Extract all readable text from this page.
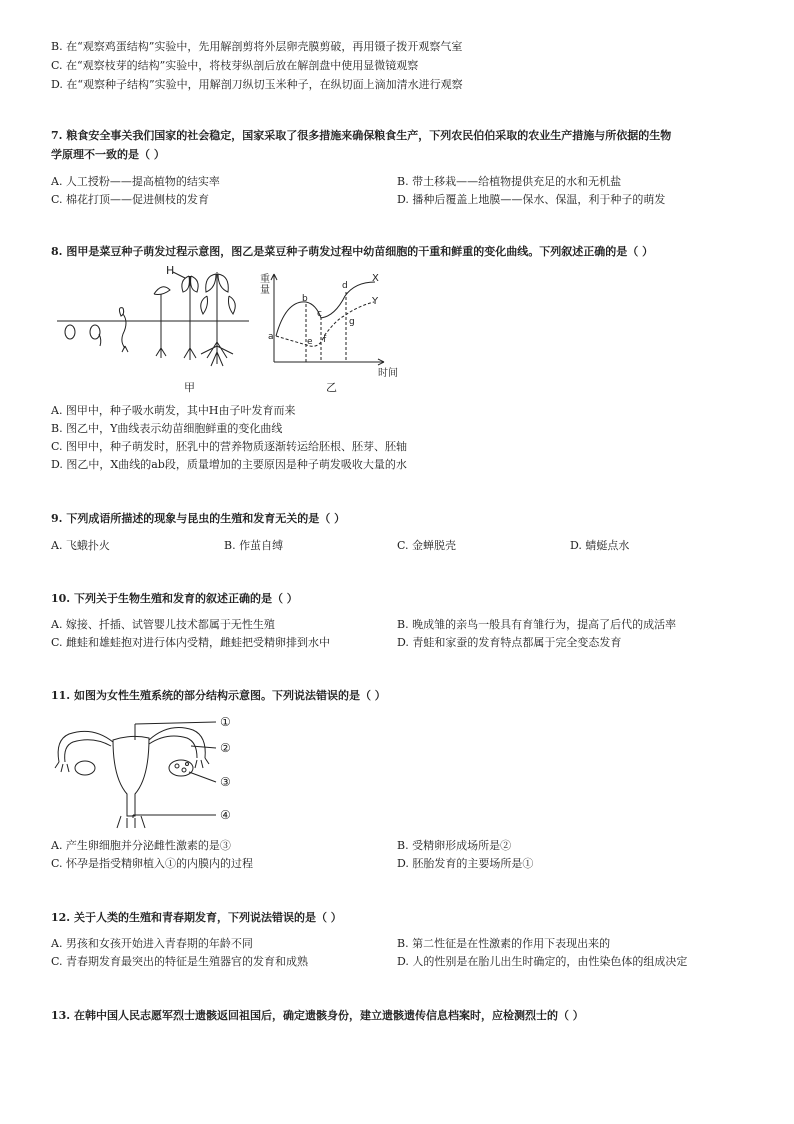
B. 在“观察鸡蛋结构”实验中，先用解剖剪将外层卵壳膜剪破，再用镊子拨开观察气室
C. 在“观察枝芽的结构”实验中，将枝芽纵剖后放在解剖盘中使用显微镜观察
D. 在“观察种子结构”实验中，用解剖刀纵切玉米种子，在纵切面上滴加清水进行观察
7. 粮食安全事关我们国家的社会稳定，国家采取了很多措施来确保粮食生产，下列农民伯伯采取的农业生产措施与所依据的生物
学原理不一致的是（ ）
A. 人工授粉——提高植物的结实率	B. 带土移栽——给植物提供充足的水和无机盐
C. 棉花打顶——促进侧枝的发育	D. 播种后覆盖上地膜——保水、保温，利于种子的萌发
8. 图甲是菜豆种子萌发过程示意图，图乙是菜豆种子萌发过程中幼苗细胞的干重和鲜重的变化曲线。下列叙述正确的是（ ）
H
甲
重
量
时间
a
b
c
d
e f
g
X
Y
乙
A. 图甲中，种子吸水萌发，其中H由子叶发育而来
B. 图乙中，Y曲线表示幼苗细胞鲜重的变化曲线
C. 图甲中，种子萌发时，胚乳中的营养物质逐渐转运给胚根、胚芽、胚轴
D. 图乙中，X曲线的ab段，质量增加的主要原因是种子萌发吸收大量的水
9. 下列成语所描述的现象与昆虫的生殖和发育无关的是（ ）
A. 飞蛾扑火	B. 作茧自缚	C. 金蝉脱壳	D. 蜻蜓点水
10. 下列关于生物生殖和发育的叙述正确的是（ ）
A. 嫁接、扦插、试管婴儿技术都属于无性生殖	B. 晚成雏的亲鸟一般具有育雏行为，提高了后代的成活率
C. 雌蛙和雄蛙抱对进行体内受精，雌蛙把受精卵排到水中	D. 青蛙和家蚕的发育特点都属于完全变态发育
11. 如图为女性生殖系统的部分结构示意图。下列说法错误的是（ ）
①
②
③
④
A. 产生卵细胞并分泌雌性激素的是③	B. 受精卵形成场所是②
C. 怀孕是指受精卵植入①的内膜内的过程	D. 胚胎发育的主要场所是①
12. 关于人类的生殖和青春期发育，下列说法错误的是（ ）
A. 男孩和女孩开始进入青春期的年龄不同	B. 第二性征是在性激素的作用下表现出来的
C. 青春期发育最突出的特征是生殖器官的发育和成熟	D. 人的性别是在胎儿出生时确定的，由性染色体的组成决定
13. 在韩中国人民志愿军烈士遗骸返回祖国后，确定遗骸身份，建立遗骸遗传信息档案时，应检测烈士的（ ）
